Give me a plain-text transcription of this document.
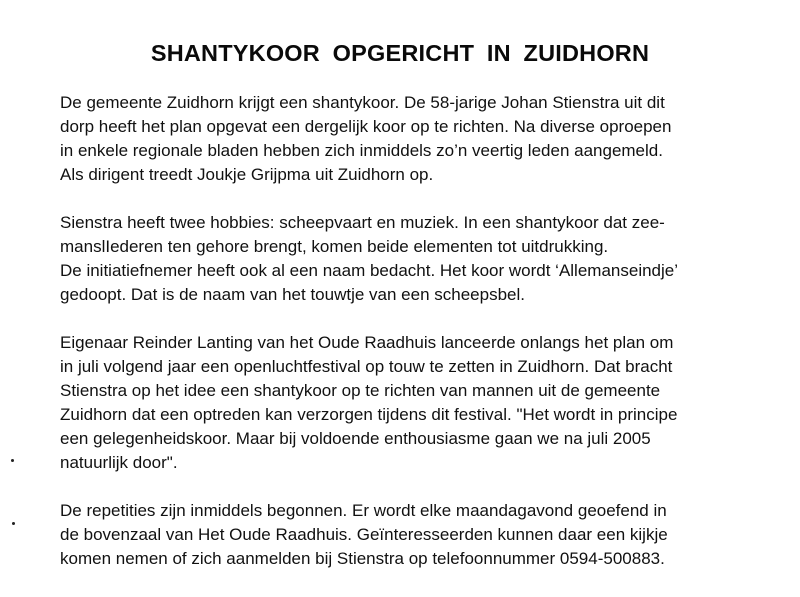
SHANTYKOOR OPGERICHT IN ZUIDHORN

De gemeente Zuidhorn krijgt een shantykoor. De 58-jarige Johan Stienstra uit dit
dorp heeft het plan opgevat een dergelijk koor op te richten. Na diverse oproepen
in enkele regionale bladen hebben zich inmiddels zo’n veertig leden aangemeld.
Als dirigent treedt Joukje Grijpma uit Zuidhorn op.

Sienstra heeft twee hobbies: scheepvaart en muziek. In een shantykoor dat zee-
manslIederen ten gehore brengt, komen beide elementen tot uitdrukking.
De initiatiefnemer heeft ook al een naam bedacht. Het koor wordt ‘Allemanseindje’
gedoopt. Dat is de naam van het touwtje van een scheepsbel.

Eigenaar Reinder Lanting van het Oude Raadhuis lanceerde onlangs het plan om
in juli volgend jaar een openluchtfestival op touw te zetten in Zuidhorn. Dat bracht
Stienstra op het idee een shantykoor op te richten van mannen uit de gemeente
Zuidhorn dat een optreden kan verzorgen tijdens dit festival. "Het wordt in principe
een gelegenheidskoor. Maar bij voldoende enthousiasme gaan we na juli 2005
natuurlijk door".

De repetities zijn inmiddels begonnen. Er wordt elke maandagavond geoefend in
de bovenzaal van Het Oude Raadhuis. Geïnteresseerden kunnen daar een kijkje
komen nemen of zich aanmelden bij Stienstra op telefoonnummer 0594-500883.
